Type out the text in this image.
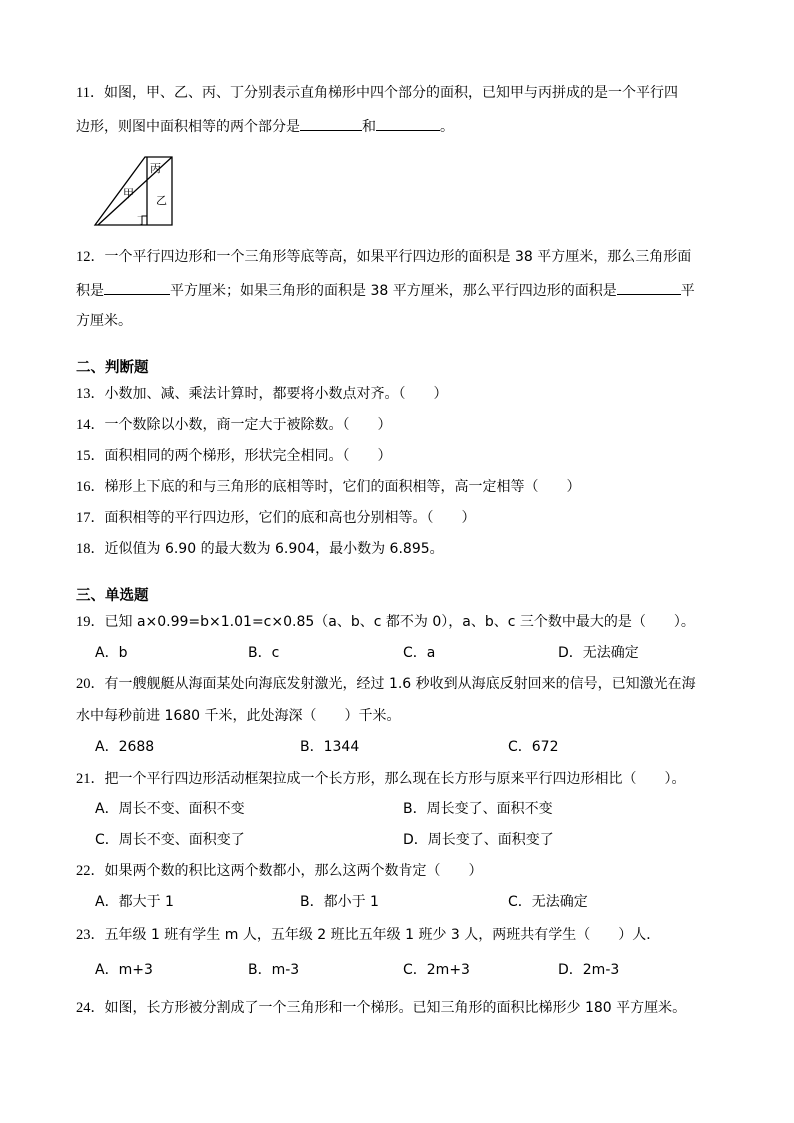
11．如图，甲、乙、丙、丁分别表示直角梯形中四个部分的面积，已知甲与丙拼成的是一个平行四
边形，则图中面积相等的两个部分是	和	。
甲
丙
乙
丁
12．一个平行四边形和一个三角形等底等高，如果平行四边形的面积是 38 平方厘米，那么三角形面
积是	平方厘米；如果三角形的面积是 38 平方厘米，那么平行四边形的面积是	平
方厘米。
二、判断题
13．小数加、减、乘法计算时，都要将小数点对齐。（　　）
14．一个数除以小数，商一定大于被除数。（　　）
15．面积相同的两个梯形，形状完全相同。（　　）
16．梯形上下底的和与三角形的底相等时，它们的面积相等，高一定相等（　　）
17．面积相等的平行四边形，它们的底和高也分别相等。（　　）
18．近似值为 6.90 的最大数为 6.904，最小数为 6.895。
三、单选题
19．已知 a×0.99=b×1.01=c×0.85（a、b、c 都不为 0），a、b、c 三个数中最大的是（　　）。
A．b	B．c	C．a	D．无法确定
20．有一艘舰艇从海面某处向海底发射激光，经过 1.6 秒收到从海底反射回来的信号，已知激光在海
水中每秒前进 1680 千米，此处海深（　　）千米。
A．2688	B．1344	C．672
21．把一个平行四边形活动框架拉成一个长方形，那么现在长方形与原来平行四边形相比（　　）。
A．周长不变、面积不变	B．周长变了、面积不变
C．周长不变、面积变了	D．周长变了、面积变了
22．如果两个数的积比这两个数都小，那么这两个数肯定（　　）
A．都大于 1	B．都小于 1	C．无法确定
23．五年级 1 班有学生 m 人，五年级 2 班比五年级 1 班少 3 人，两班共有学生（　　）人．
A．m+3	B．m-3	C．2m+3	D．2m-3
24．如图，长方形被分割成了一个三角形和一个梯形。已知三角形的面积比梯形少 180 平方厘米。
